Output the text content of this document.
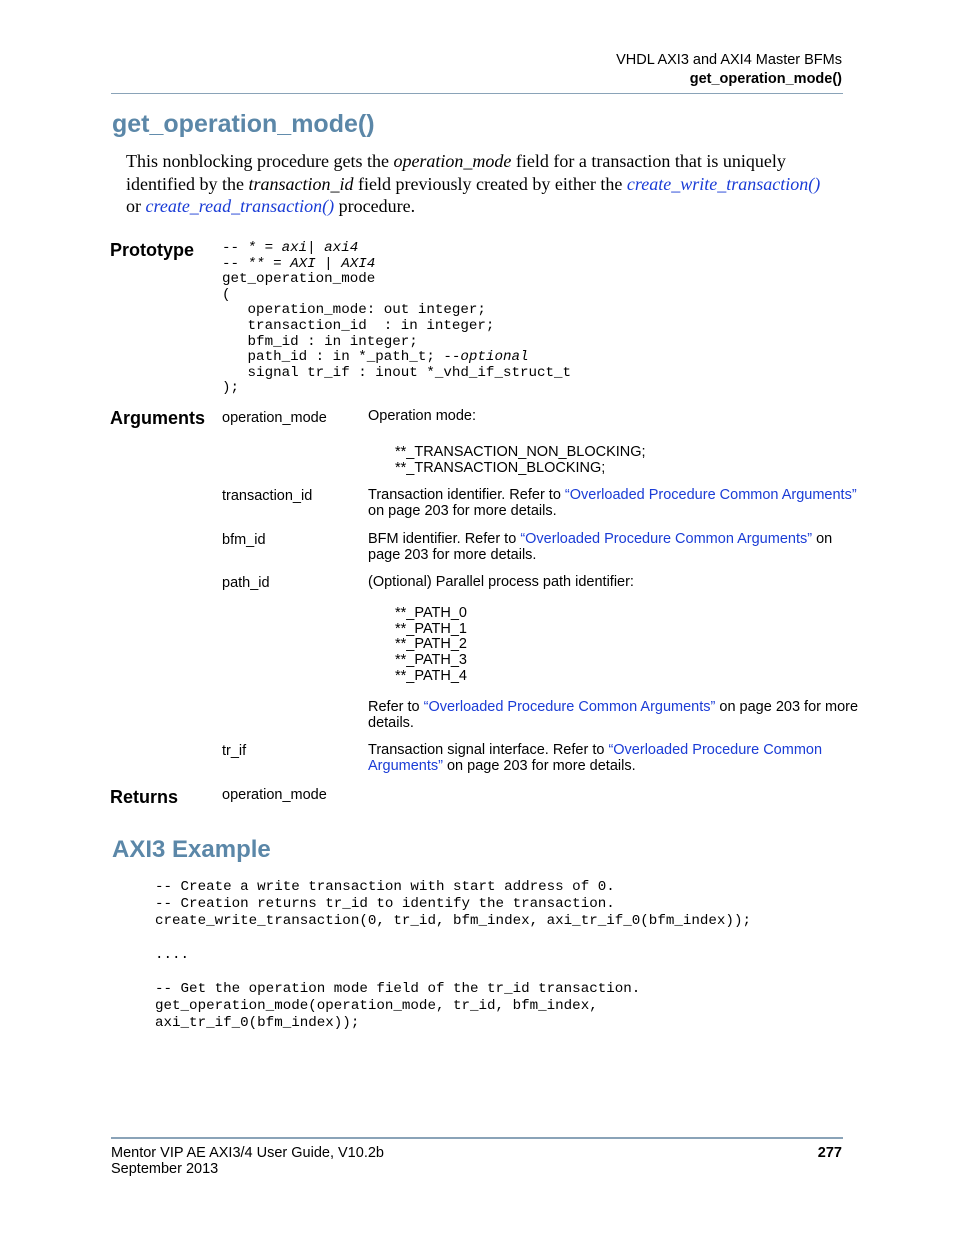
VHDL AXI3 and AXI4 Master BFMs
get_operation_mode()
get_operation_mode()
This nonblocking procedure gets the operation_mode field for a transaction that is uniquely identified by the transaction_id field previously created by either the create_write_transaction() or create_read_transaction() procedure.
Prototype -- * = axi| axi4
-- ** = AXI | AXI4
get_operation_mode
(
operation_mode: out integer;
transaction_id  : in integer;
bfm_id : in integer;
path_id : in *_path_t; --optional
signal tr_if : inout *_vhd_if_struct_t
);
Arguments operation_mode	Operation mode:
**_TRANSACTION_NON_BLOCKING;
**_TRANSACTION_BLOCKING;
transaction_id	Transaction identifier. Refer to “Overloaded Procedure Common Arguments” on page 203 for more details.
bfm_id	BFM identifier. Refer to “Overloaded Procedure Common Arguments” on page 203 for more details.
path_id	(Optional) Parallel process path identifier:
**_PATH_0
**_PATH_1
**_PATH_2
**_PATH_3
**_PATH_4
Refer to “Overloaded Procedure Common Arguments” on page 203 for more details.
tr_if	Transaction signal interface. Refer to “Overloaded Procedure Common Arguments” on page 203 for more details.
Returns	operation_mode
AXI3 Example
-- Create a write transaction with start address of 0.
-- Creation returns tr_id to identify the transaction.
create_write_transaction(0, tr_id, bfm_index, axi_tr_if_0(bfm_index));

....

-- Get the operation mode field of the tr_id transaction.
get_operation_mode(operation_mode, tr_id, bfm_index,
axi_tr_if_0(bfm_index));
Mentor VIP AE AXI3/4 User Guide, V10.2b
September 2013
277
